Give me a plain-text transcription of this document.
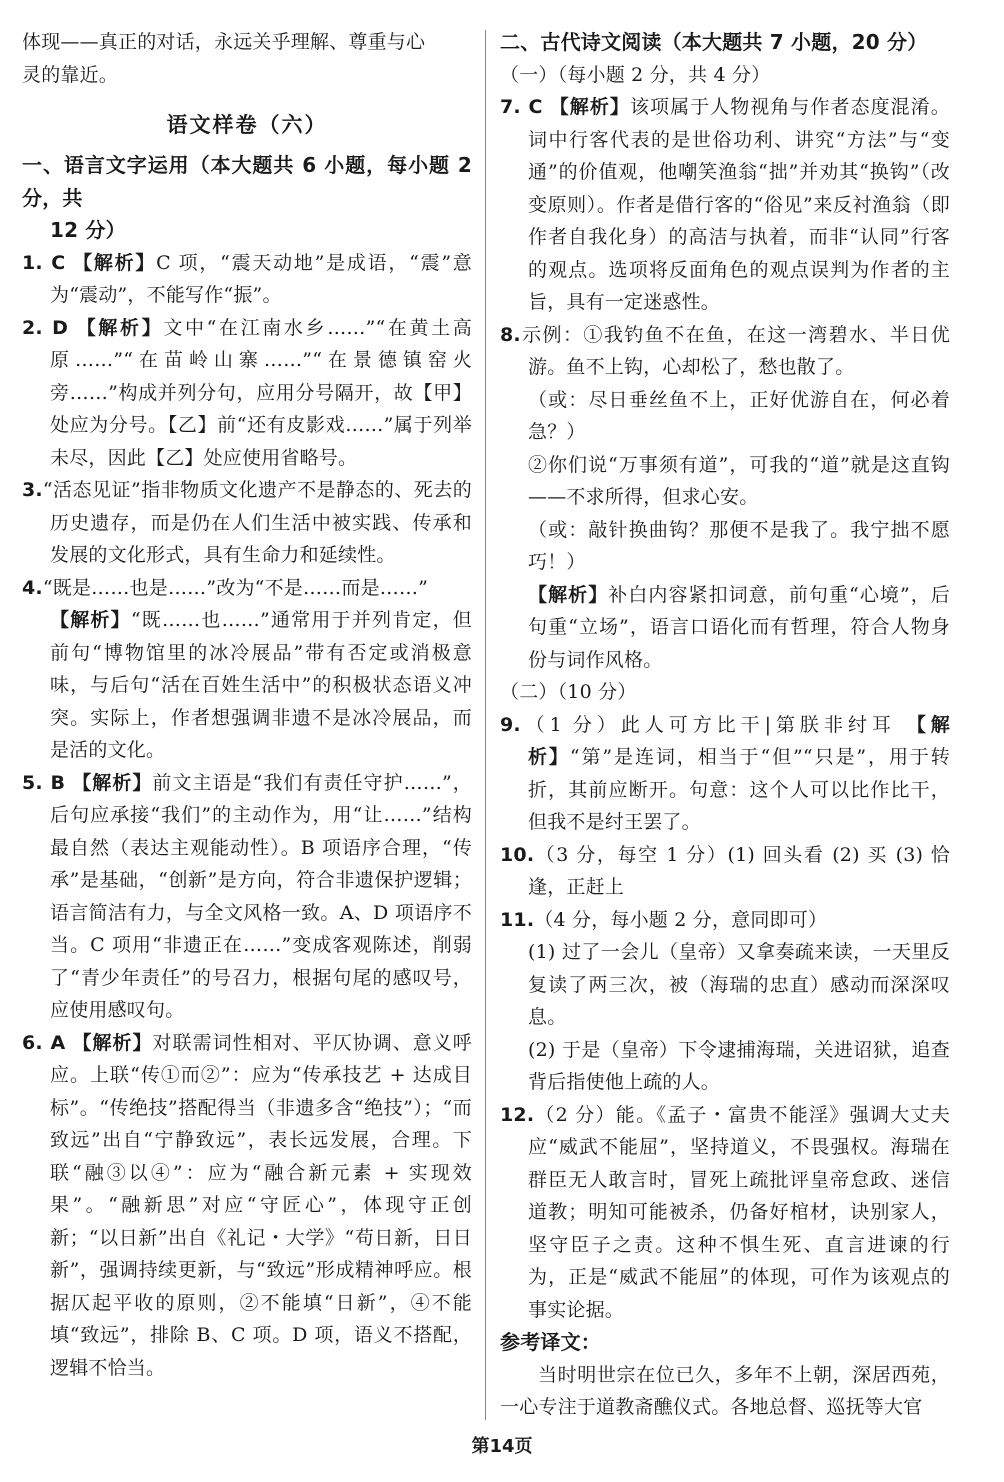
体现——真正的对话，永远关乎理解、尊重与心

灵的靠近。

语文样卷（六）

一、语言文字运用（本大题共 6 小题，每小题 2 分，共

12 分）

1. C 【解析】C 项，“震天动地”是成语，“震”意为“震动”，不能写作“振”。

2. D 【解析】文中“在江南水乡……”“在黄土高原……”“在苗岭山寨……”“在景德镇窑火旁……”构成并列分句，应用分号隔开，故【甲】处应为分号。【乙】前“还有皮影戏……”属于列举未尽，因此【乙】处应使用省略号。

3.“活态见证”指非物质文化遗产不是静态的、死去的历史遗存，而是仍在人们生活中被实践、传承和发展的文化形式，具有生命力和延续性。

4.“既是……也是……”改为“不是……而是……”

【解析】“既……也……”通常用于并列肯定，但前句“博物馆里的冰冷展品”带有否定或消极意味，与后句“活在百姓生活中”的积极状态语义冲突。实际上，作者想强调非遗不是冰冷展品，而是活的文化。

5. B 【解析】前文主语是“我们有责任守护……”，后句应承接“我们”的主动作为，用“让……”结构最自然（表达主观能动性）。B 项语序合理，“传承”是基础，“创新”是方向，符合非遗保护逻辑；语言简洁有力，与全文风格一致。A、D 项语序不当。C 项用“非遗正在……”变成客观陈述，削弱了“青少年责任”的号召力，根据句尾的感叹号，应使用感叹句。

6. A 【解析】对联需词性相对、平仄协调、意义呼应。上联“传①而②”：应为“传承技艺 + 达成目标”。“传绝技”搭配得当（非遗多含“绝技”）；“而致远”出自“宁静致远”，表长远发展，合理。下联“融③以④”：应为“融合新元素 + 实现效果”。“融新思”对应“守匠心”，体现守正创新；“以日新”出自《礼记・大学》“苟日新，日日新”，强调持续更新，与“致远”形成精神呼应。根据仄起平收的原则，②不能填“日新”，④不能填“致远”，排除 B、C 项。D 项，语义不搭配，逻辑不恰当。

二、古代诗文阅读（本大题共 7 小题，20 分）

（一）（每小题 2 分，共 4 分）

7. C 【解析】该项属于人物视角与作者态度混淆。词中行客代表的是世俗功利、讲究“方法”与“变通”的价值观，他嘲笑渔翁“拙”并劝其“换钩”（改变原则）。作者是借行客的“俗见”来反衬渔翁（即作者自我化身）的高洁与执着，而非“认同”行客的观点。选项将反面角色的观点误判为作者的主旨，具有一定迷惑性。

8.示例：①我钓鱼不在鱼，在这一湾碧水、半日优游。鱼不上钩，心却松了，愁也散了。

（或：尽日垂丝鱼不上，正好优游自在，何必着急？）

②你们说“万事须有道”，可我的“道”就是这直钩——不求所得，但求心安。

（或：敲针换曲钩？那便不是我了。我宁拙不愿巧！）

【解析】补白内容紧扣词意，前句重“心境”，后句重“立场”，语言口语化而有哲理，符合人物身份与词作风格。

（二）（10 分）

9.（1 分）此人可方比干|第朕非纣耳 【解析】“第”是连词，相当于“但”“只是”，用于转折，其前应断开。句意：这个人可以比作比干，但我不是纣王罢了。

10.（3 分，每空 1 分）(1) 回头看 (2) 买 (3) 恰逢，正赶上

11.（4 分，每小题 2 分，意同即可）

(1) 过了一会儿（皇帝）又拿奏疏来读，一天里反复读了两三次，被（海瑞的忠直）感动而深深叹息。

(2) 于是（皇帝）下令逮捕海瑞，关进诏狱，追查背后指使他上疏的人。

12.（2 分）能。《孟子・富贵不能淫》强调大丈夫应“威武不能屈”，坚持道义，不畏强权。海瑞在群臣无人敢言时，冒死上疏批评皇帝怠政、迷信道教；明知可能被杀，仍备好棺材，诀别家人，坚守臣子之责。这种不惧生死、直言进谏的行为，正是“威武不能屈”的体现，可作为该观点的事实论据。

参考译文：

当时明世宗在位已久，多年不上朝，深居西苑，一心专注于道教斋醮仪式。各地总督、巡抚等大官

第14页
